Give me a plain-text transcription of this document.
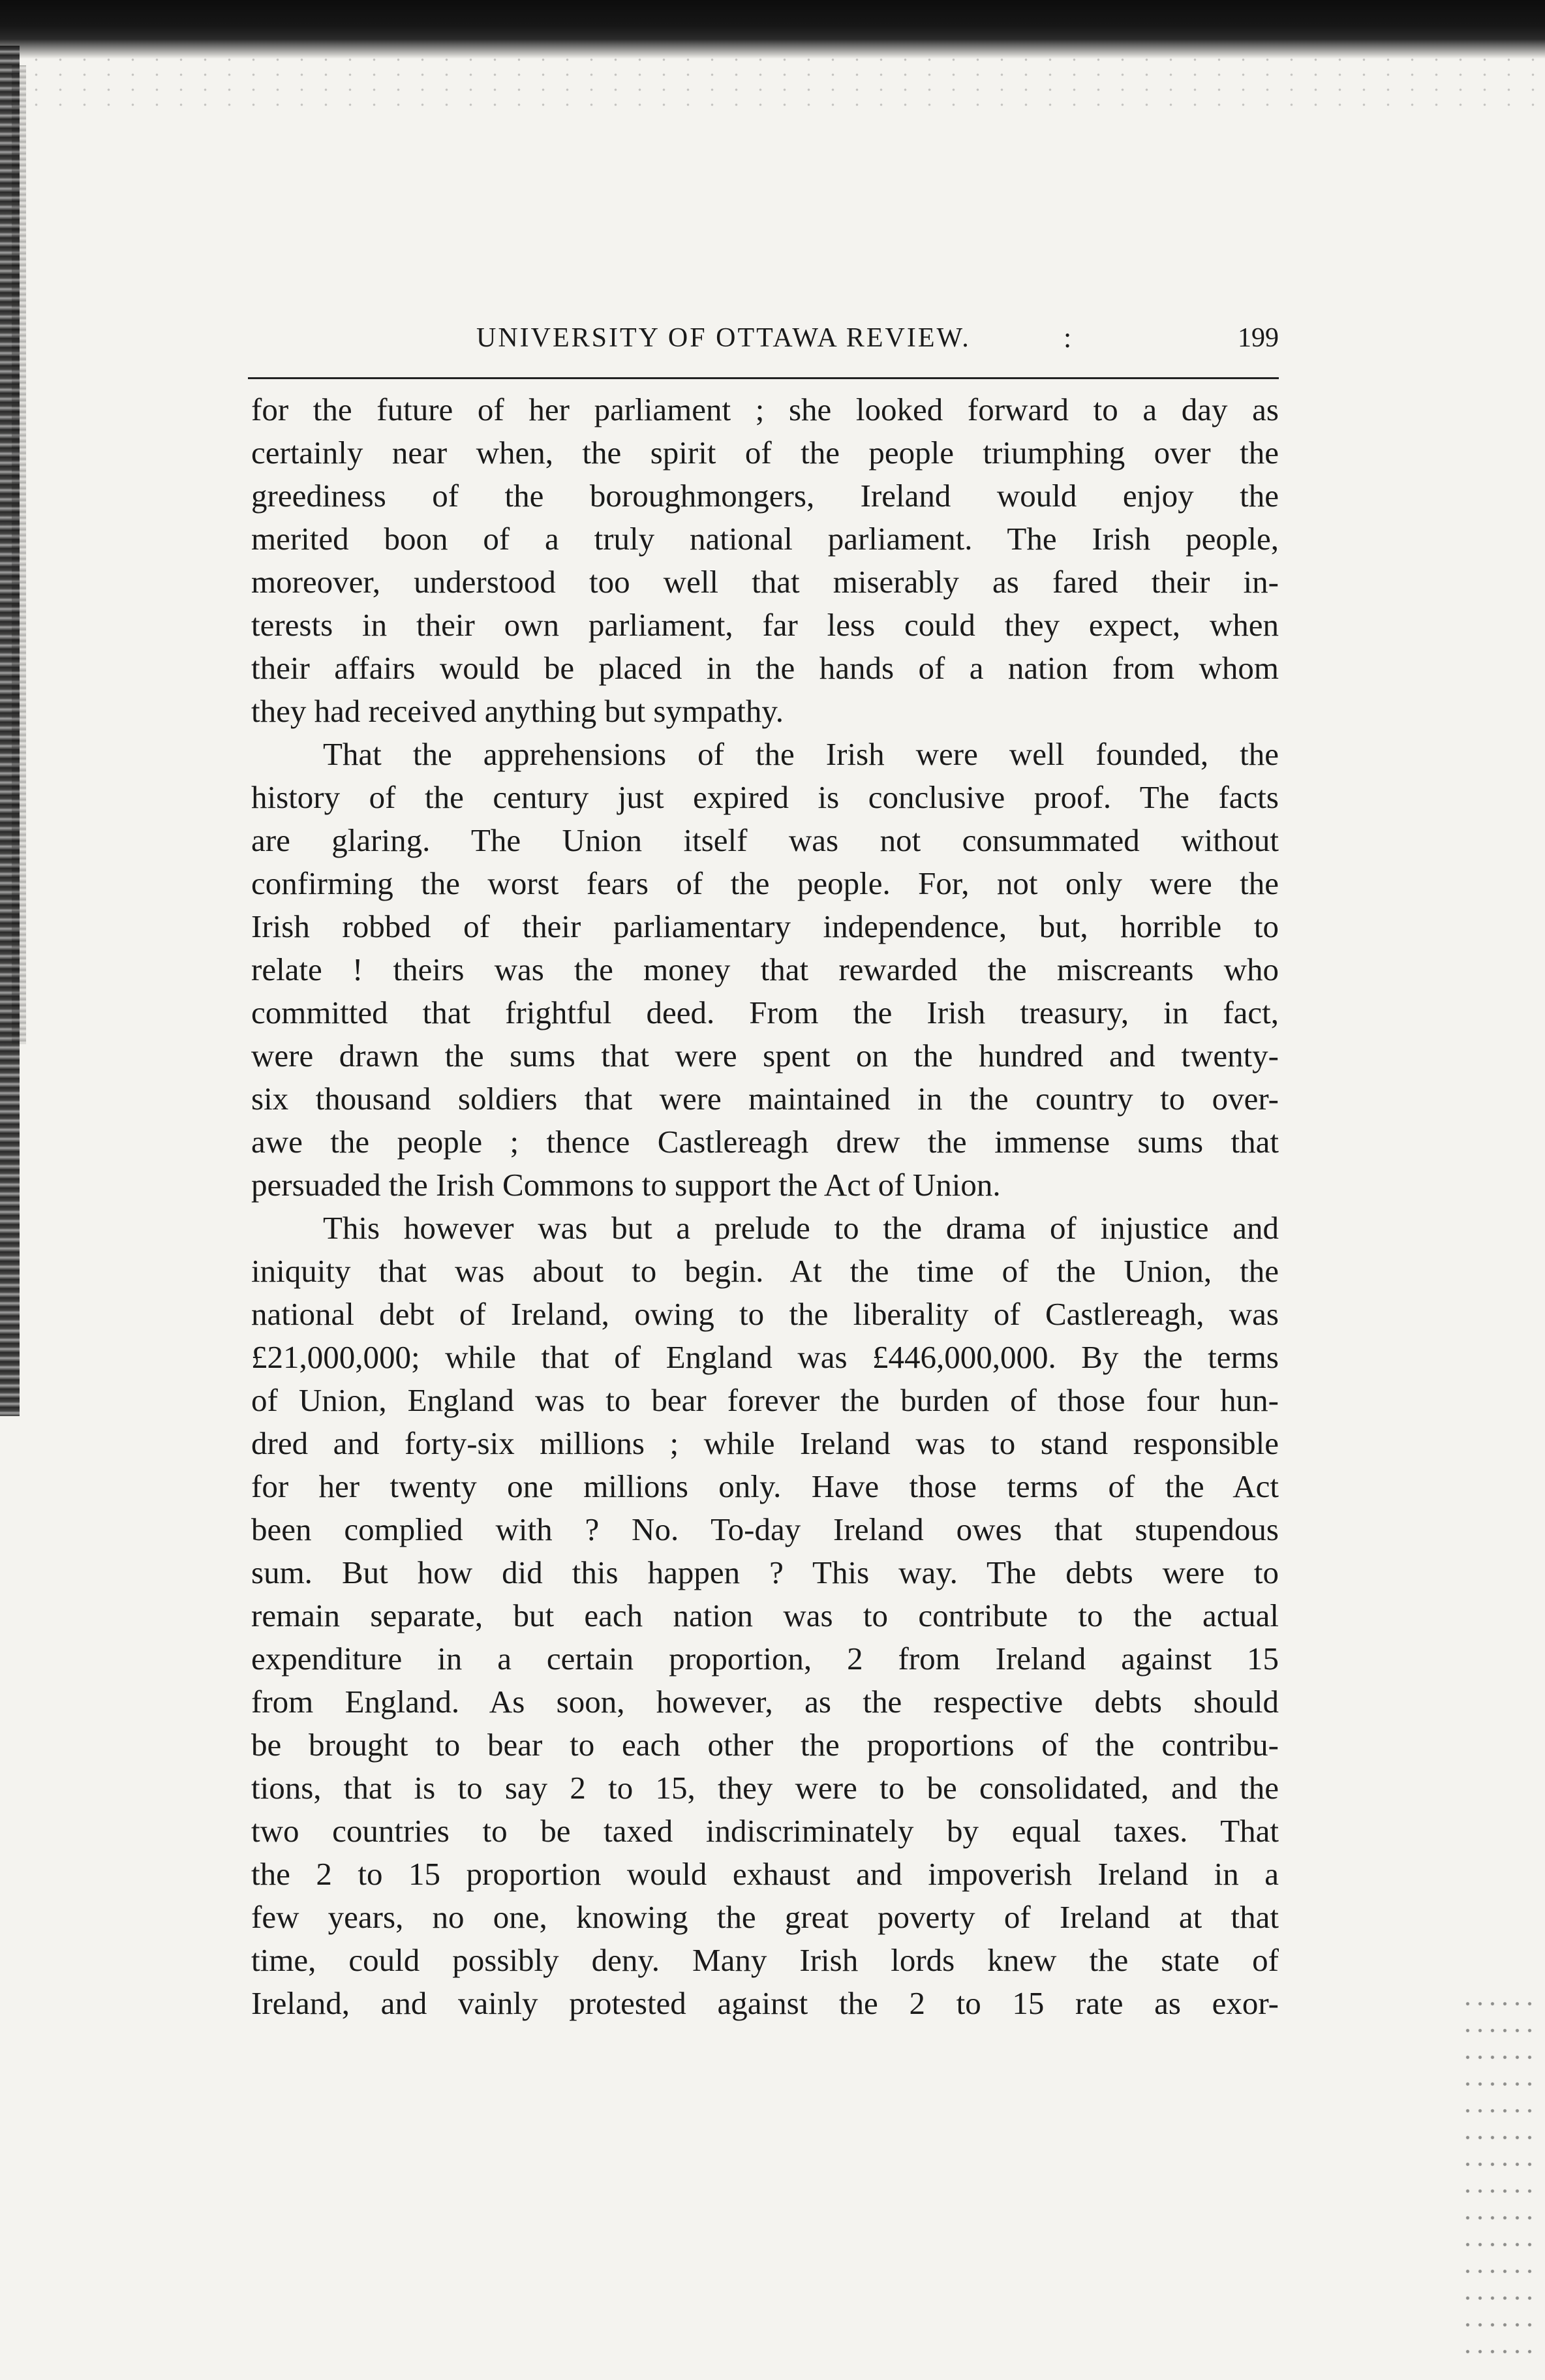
UNIVERSITY OF OTTAWA REVIEW.	:	199
for the future of her parliament ; she looked forward to a day as
certainly near when, the spirit of the people triumphing over the
greediness of the boroughmongers, Ireland would enjoy the
merited boon of a truly national parliament. The Irish people,
moreover, understood too well that miserably as fared their in-
terests in their own parliament, far less could they expect, when
their affairs would be placed in the hands of a nation from whom
they had received anything but sympathy.
That the apprehensions of the Irish were well founded, the
history of the century just expired is conclusive proof. The facts
are glaring. The Union itself was not consummated without
confirming the worst fears of the people. For, not only were the
Irish robbed of their parliamentary independence, but, horrible to
relate ! theirs was the money that rewarded the miscreants who
committed that frightful deed. From the Irish treasury, in fact,
were drawn the sums that were spent on the hundred and twenty-
six thousand soldiers that were maintained in the country to over-
awe the people ; thence Castlereagh drew the immense sums that
persuaded the Irish Commons to support the Act of Union.
This however was but a prelude to the drama of injustice and
iniquity that was about to begin. At the time of the Union, the
national debt of Ireland, owing to the liberality of Castlereagh, was
£21,000,000; while that of England was £446,000,000. By the terms
of Union, England was to bear forever the burden of those four hun-
dred and forty-six millions ; while Ireland was to stand responsible
for her twenty one millions only. Have those terms of the Act
been complied with ? No. To-day Ireland owes that stupendous
sum. But how did this happen ? This way. The debts were to
remain separate, but each nation was to contribute to the actual
expenditure in a certain proportion, 2 from Ireland against 15
from England. As soon, however, as the respective debts should
be brought to bear to each other the proportions of the contribu-
tions, that is to say 2 to 15, they were to be consolidated, and the
two countries to be taxed indiscriminately by equal taxes. That
the 2 to 15 proportion would exhaust and impoverish Ireland in a
few years, no one, knowing the great poverty of Ireland at that
time, could possibly deny. Many Irish lords knew the state of
Ireland, and vainly protested against the 2 to 15 rate as exor-
